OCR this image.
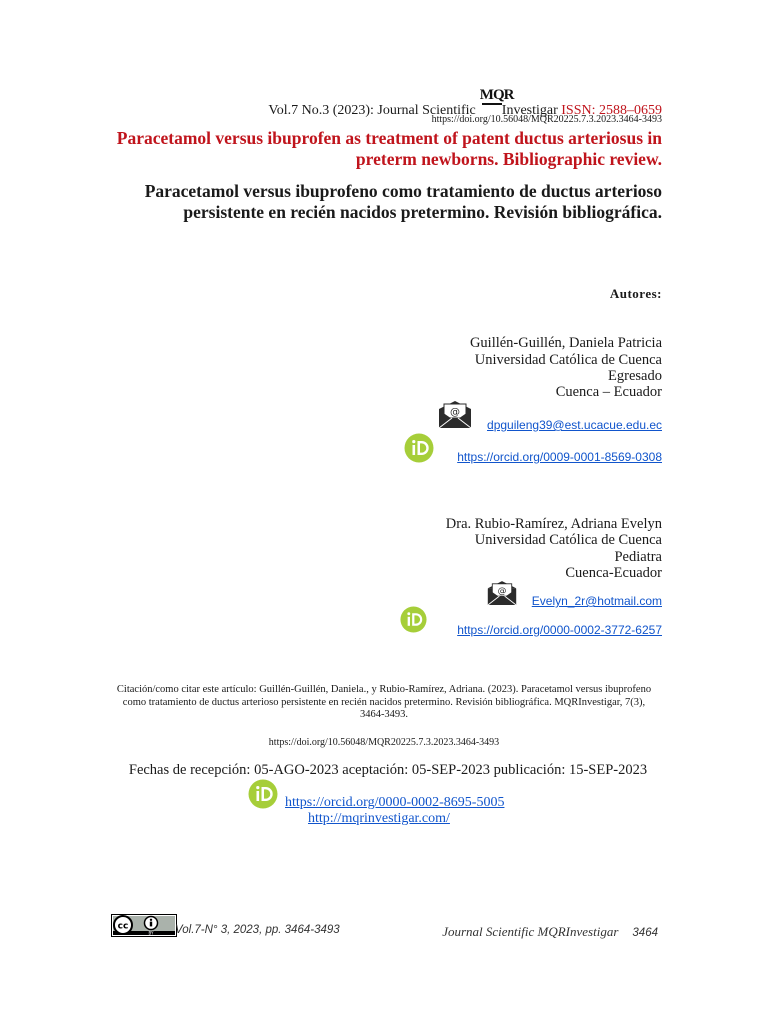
Vol.7 No.3 (2023): Journal Scientific
MQR
Investigar ISSN: 2588–0659
https://doi.org/10.56048/MQR20225.7.3.2023.3464-3493
Paracetamol versus ibuprofen as treatment of patent ductus arteriosus in preterm newborns. Bibliographic review.
Paracetamol versus ibuprofeno como tratamiento de ductus arterioso persistente en recién nacidos pretermino. Revisión bibliográfica.
Autores:
Guillén-Guillén, Daniela Patricia
Universidad Católica de Cuenca
Egresado
Cuenca – Ecuador
@
dpguileng39@est.ucacue.edu.ec
https://orcid.org/0009-0001-8569-0308
Dra. Rubio-Ramírez, Adriana Evelyn
Universidad Católica de Cuenca
Pediatra
Cuenca-Ecuador
@
Evelyn_2r@hotmail.com
https://orcid.org/0000-0002-3772-6257
Citación/como citar este artículo: Guillén-Guillén, Daniela., y Rubio-Ramírez, Adriana. (2023). Paracetamol versus ibuprofeno como tratamiento de ductus arterioso persistente en recién nacidos pretermino. Revisión bibliográfica. MQRInvestigar, 7(3), 3464-3493.
https://doi.org/10.56048/MQR20225.7.3.2023.3464-3493
Fechas de recepción: 05-AGO-2023 aceptación: 05-SEP-2023 publicación: 15-SEP-2023
https://orcid.org/0000-0002-8695-5005
http://mqrinvestigar.com/
cc
BY Vol.7-N° 3, 2023, pp. 3464-3493	Journal Scientific MQRInvestigar 3464
